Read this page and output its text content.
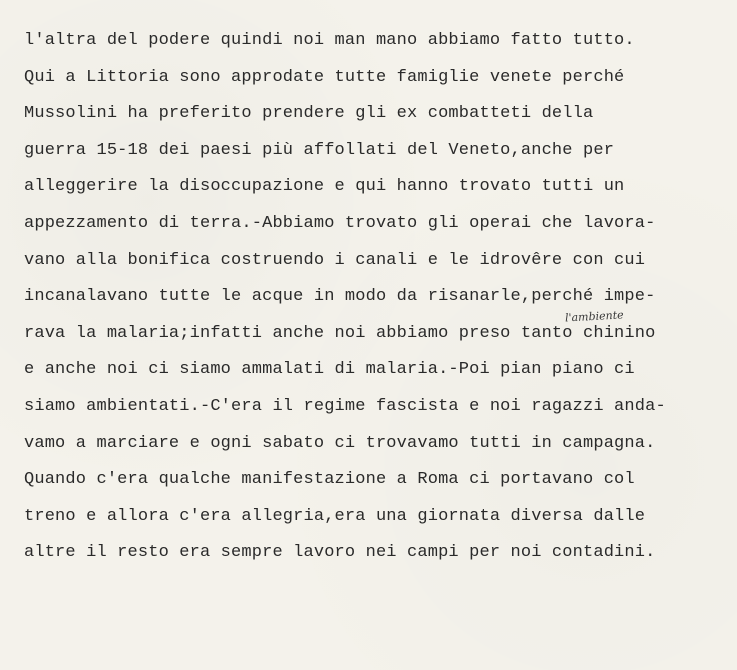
l'altra del podere quindi noi man mano abbiamo fatto tutto.
Qui a Littoria sono approdate tutte famiglie venete perché
Mussolini ha preferito prendere gli ex combatteti della
guerra 15-18 dei paesi più affollati del Veneto,anche per
alleggerire la disoccupazione e qui hanno trovato tutti un
appezzamento di terra.-Abbiamo trovato gli operai che lavora-
vano alla bonifica costruendo i canali e le idrovêre con cui
incanalavano tutte le acque in modo da risanarle,perché impe-
rava la malaria;infatti anche noi abbiamo preso tanto chinino
e anche noi ci siamo ammalati di malaria.-Poi pian piano ci
siamo ambientati.-C'era il regime fascista e noi ragazzi anda-
vamo a marciare e ogni sabato ci trovavamo tutti in campagna.
Quando c'era qualche manifestazione a Roma ci portavano col
treno e allora c'era allegria,era una giornata diversa dalle
altre il resto era sempre lavoro nei campi per noi contadini.
l'ambiente
